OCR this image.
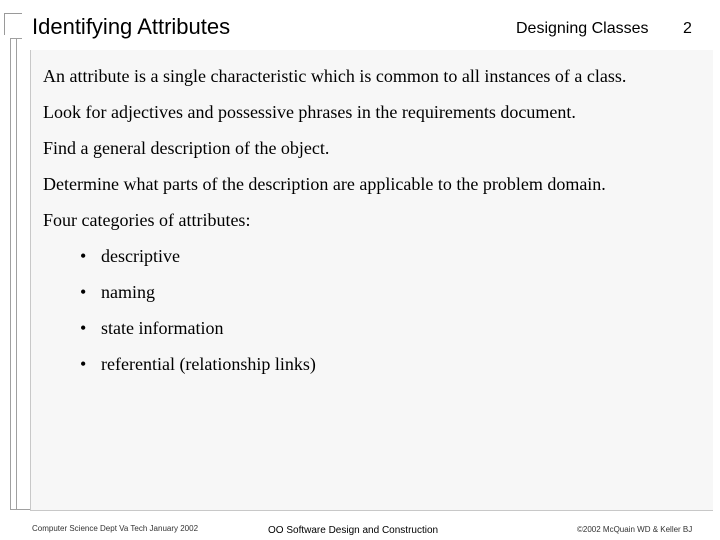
Identifying Attributes	Designing Classes 2
An attribute is a single characteristic which is common to all instances of a class.
Look for adjectives and possessive phrases in the requirements document.
Find a general description of the object.
Determine what parts of the description are applicable to the problem domain.
Four categories of attributes:
• descriptive
• naming
• state information
• referential (relationship links)
Computer Science Dept Va Tech January 2002	OO Software Design and Construction	©2002 McQuain WD & Keller BJ
